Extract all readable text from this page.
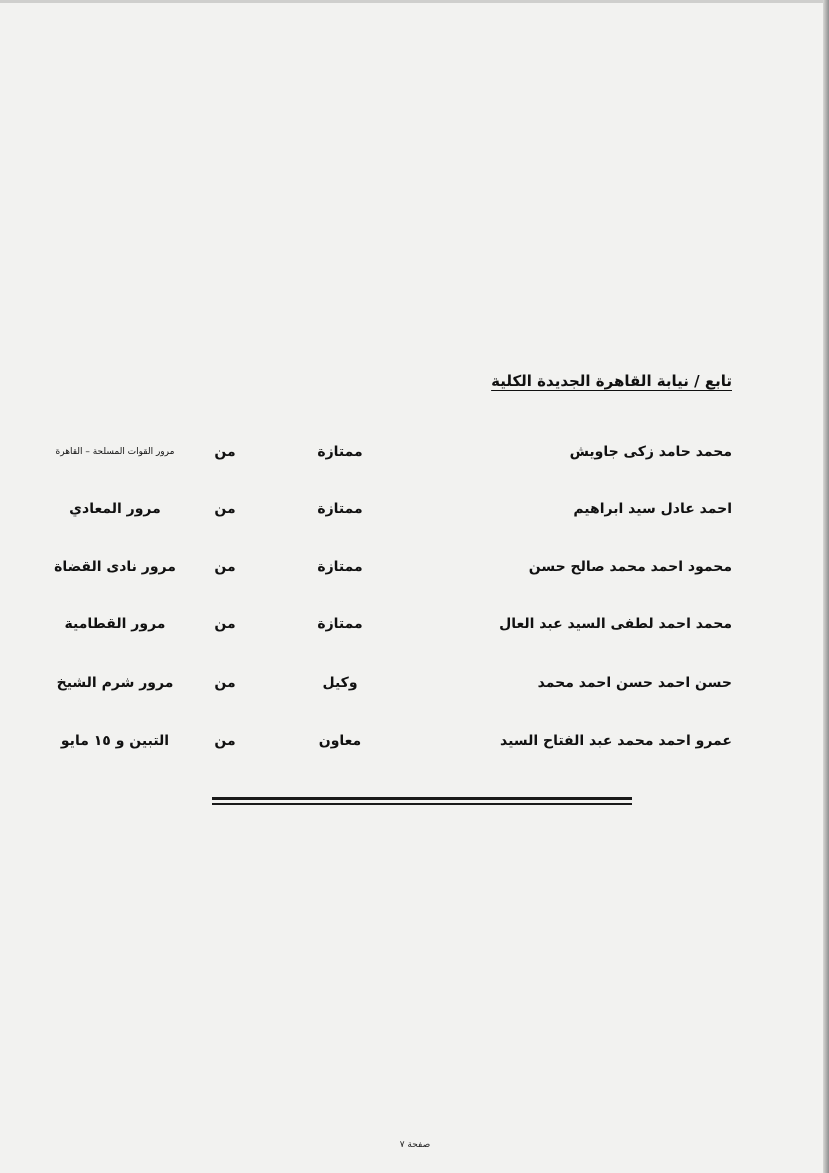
تابع / نيابة القاهرة الجديدة الكلية
محمد حامد زكى جاويش
ممتازة
من
مرور القوات المسلحة – القاهرة
احمد عادل سيد ابراهيم
ممتازة
من
مرور المعادي
محمود احمد محمد صالح حسن
ممتازة
من
مرور نادى القضاة
محمد احمد لطفى السيد عبد العال
ممتازة
من
مرور القطامية
حسن احمد حسن احمد محمد
وكيل
من
مرور شرم الشيخ
عمرو احمد محمد عبد الفتاح السيد
معاون
من
التبين و ١٥ مايو
صفحة ٧
